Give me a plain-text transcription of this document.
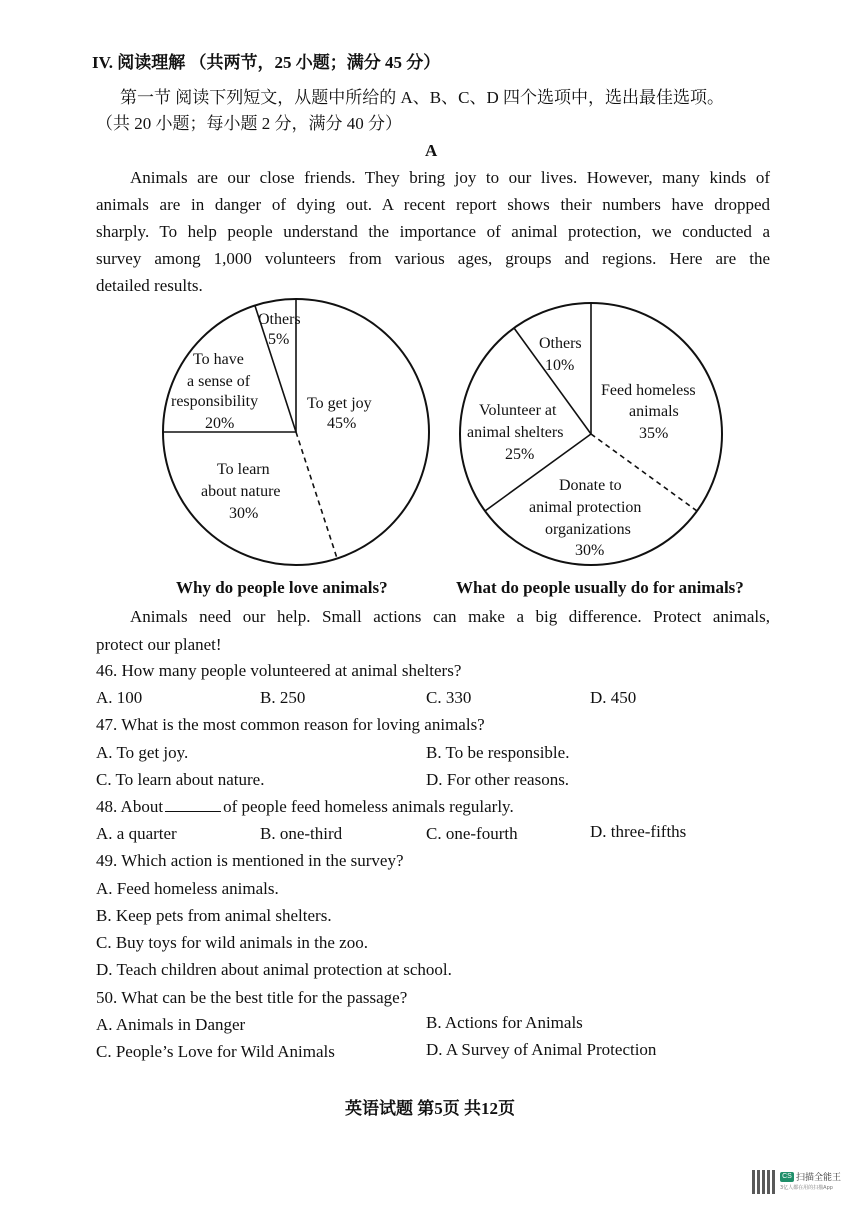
IV. 阅读理解 （共两节，25 小题；满分 45 分）
第一节 阅读下列短文，从题中所给的 A、B、C、D 四个选项中，选出最佳选项。
（共 20 小题；每小题 2 分，满分 40 分）
A
Animals are our close friends. They bring joy to our lives. However, many kinds of
animals are in danger of dying out. A recent report shows their numbers have dropped
sharply. To help people understand the importance of animal protection, we conducted a
survey among 1,000 volunteers from various ages, groups and regions. Here are the
detailed results.
To get joy
45%
To learn
about nature
30%
To have
a sense of
responsibility
20%
Others
5%
Feed homeless
animals
35%
Donate to
animal protection
organizations
30%
Volunteer at
animal shelters
25%
Others
10%
Why do people love animals?	What do people usually do for animals?
Animals need our help. Small actions can make a big difference. Protect animals,
protect our planet!
46. How many people volunteered at animal shelters?
A. 100	B. 250	C. 330	D. 450
47. What is the most common reason for loving animals?
A. To get joy.	B. To be responsible.
C. To learn about nature.	D. For other reasons.
48. About	of people feed homeless animals regularly.
A. a quarter	B. one-third	C. one-fourth	D. three-fifths
49. Which action is mentioned in the survey?
A. Feed homeless animals.
B. Keep pets from animal shelters.
C. Buy toys for wild animals in the zoo.
D. Teach children about animal protection at school.
50. What can be the best title for the passage?
A. Animals in Danger	B. Actions for Animals
C. People’s Love for Wild Animals	D. A Survey of Animal Protection
英语试题 第5页 共12页
CS 扫描全能王
3亿人都在用的扫描App
